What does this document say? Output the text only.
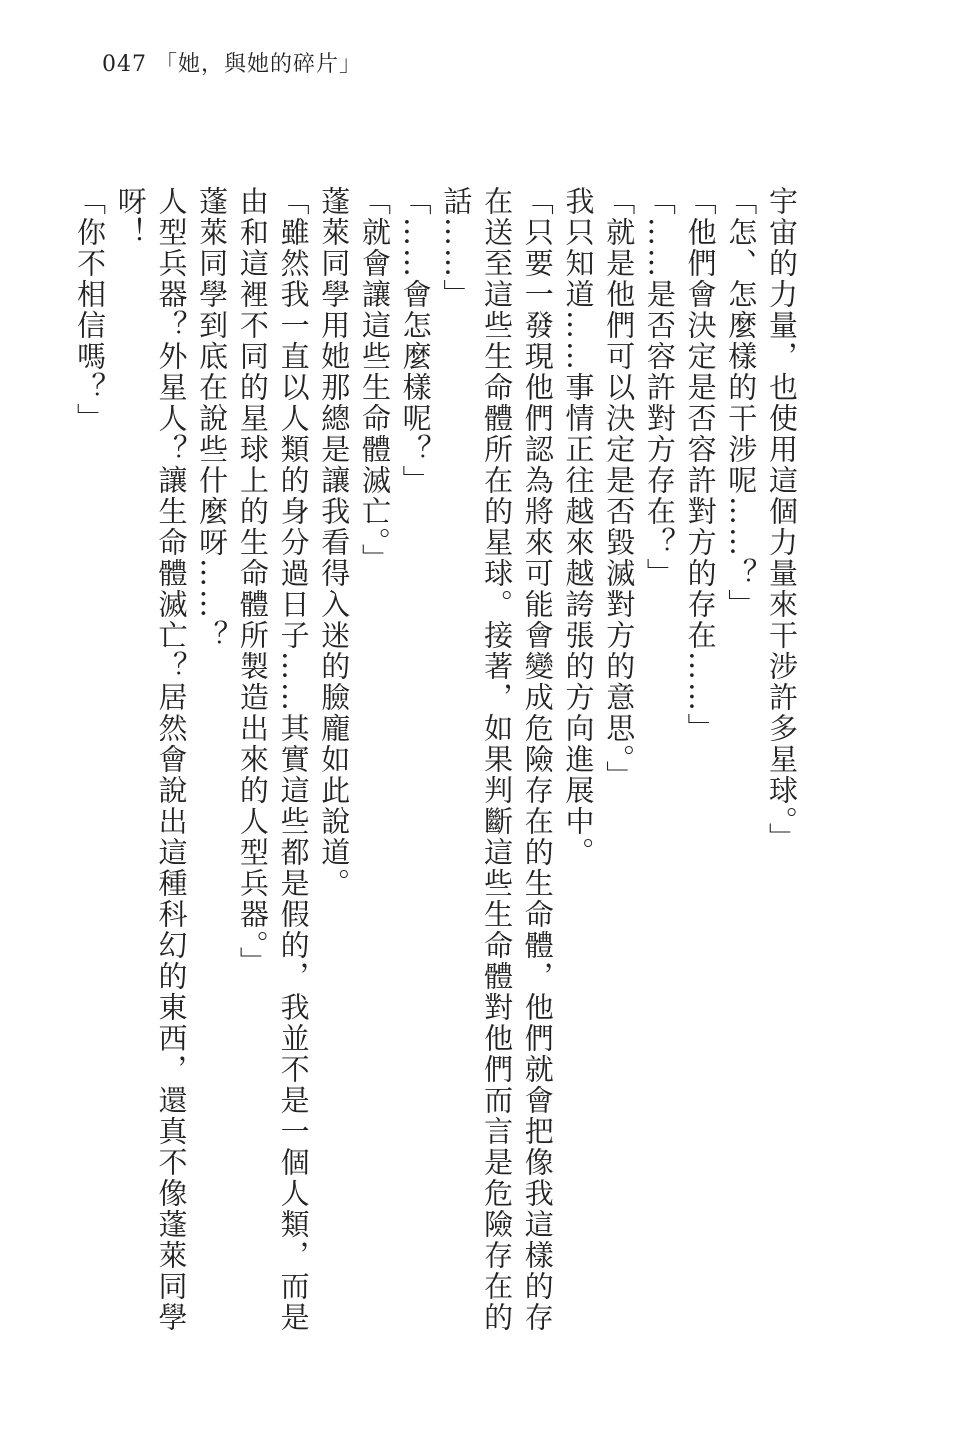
047 「她，與她的碎片」

宇宙的力量，也使用這個力量來干涉許多星球。」

「怎、怎麼樣的干涉呢……？」

「他們會決定是否容許對方的存在……」

「……是否容許對方存在？」

「就是他們可以決定是否毀滅對方的意思。」

我只知道……事情正往越來越誇張的方向進展中。

「只要一發現他們認為將來可能會變成危險存在的生命體，他們就會把像我這樣的存在送至這些生命體所在的星球。接著，如果判斷這些生命體對他們而言是危險存在的話……」

「……會怎麼樣呢？」

「就會讓這些生命體滅亡。」

蓬萊同學用她那總是讓我看得入迷的臉龐如此說道。

「雖然我一直以人類的身分過日子……其實這些都是假的，我並不是一個人類，而是由和這裡不同的星球上的生命體所製造出來的人型兵器。」

蓬萊同學到底在說些什麼呀……？

人型兵器？外星人？讓生命體滅亡？居然會說出這種科幻的東西，還真不像蓬萊同學呀！

「你不相信嗎？」
